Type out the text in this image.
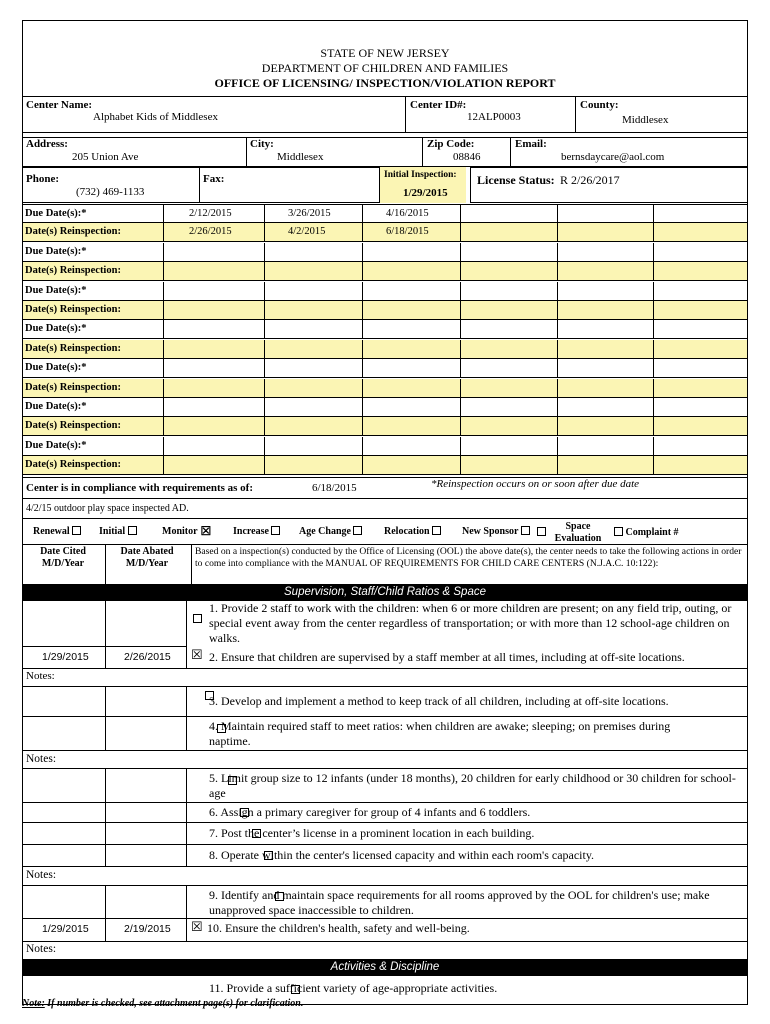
STATE OF NEW JERSEY
DEPARTMENT OF CHILDREN AND FAMILIES
OFFICE OF LICENSING/ INSPECTION/VIOLATION REPORT
Center Name:
Alphabet Kids of Middlesex
Center ID#:
12ALP0003
County:
Middlesex
Address:
205 Union Ave
City:
Middlesex
Zip Code:
08846
Email:
bernsdaycare@aol.com
Phone:
(732) 469-1133
Fax:	Initial Inspection:
1/29/2015
License Status: R 2/26/2017
Due Date(s):*	2/12/2015	3/26/2015	4/16/2015
Date(s) Reinspection:	2/26/2015	4/2/2015	6/18/2015
Due Date(s):*
Date(s) Reinspection:
Due Date(s):*
Date(s) Reinspection:
Due Date(s):*
Date(s) Reinspection:
Due Date(s):*
Date(s) Reinspection:
Due Date(s):*
Date(s) Reinspection:
Due Date(s):*
Date(s) Reinspection:
Center is in compliance with requirements as of:	6/18/2015	*Reinspection occurs on or soon after due date
4/2/15 outdoor play space inspected AD.
Renewal	Initial	Monitor ☒ Increase	Age Change	Relocation	New Sponsor	Space Evaluation
Complaint #
Date Cited M/D/Year
Date Abated M/D/Year
Based on a inspection(s) conducted by the Office of Licensing (OOL) the above date(s), the center needs to take the following actions in order to come into compliance with the MANUAL OF REQUIREMENTS FOR CHILD CARE CENTERS (N.J.A.C. 10:122):
Supervision, Staff/Child Ratios & Space

1. Provide 2 staff to work with the children: when 6 or more children are present; on any field trip, outing, or special event away from the center regardless of transportation; or with more than 12 school-age children on walks.
1/29/2015	2/26/2015 ☒ 2. Ensure that children are supervised by a staff member at all times, including at off-site locations.
Notes:

3. Develop and implement a method to keep track of all children, including at off-site locations.

4. Maintain required staff to meet ratios: when children are awake; sleeping; on premises during naptime.
Notes:

5. Limit group size to 12 infants (under 18 months), 20 children for early childhood or 30 children for school-age

6. Assign a primary caregiver for group of 4 infants and 6 toddlers.

7. Post the center’s license in a prominent location in each building.

8. Operate within the center's licensed capacity and within each room's capacity.
Notes:

9. Identify and maintain space requirements for all rooms approved by the OOL for children's use; make unapproved space inaccessible to children.
1/29/2015	2/19/2015 ☒ 10. Ensure the children's health, safety and well-being.
Notes:
Activities & Discipline
11. Provide a sufficient variety of age-appropriate activities.
Note: If number is checked, see attachment page(s) for clarification.
